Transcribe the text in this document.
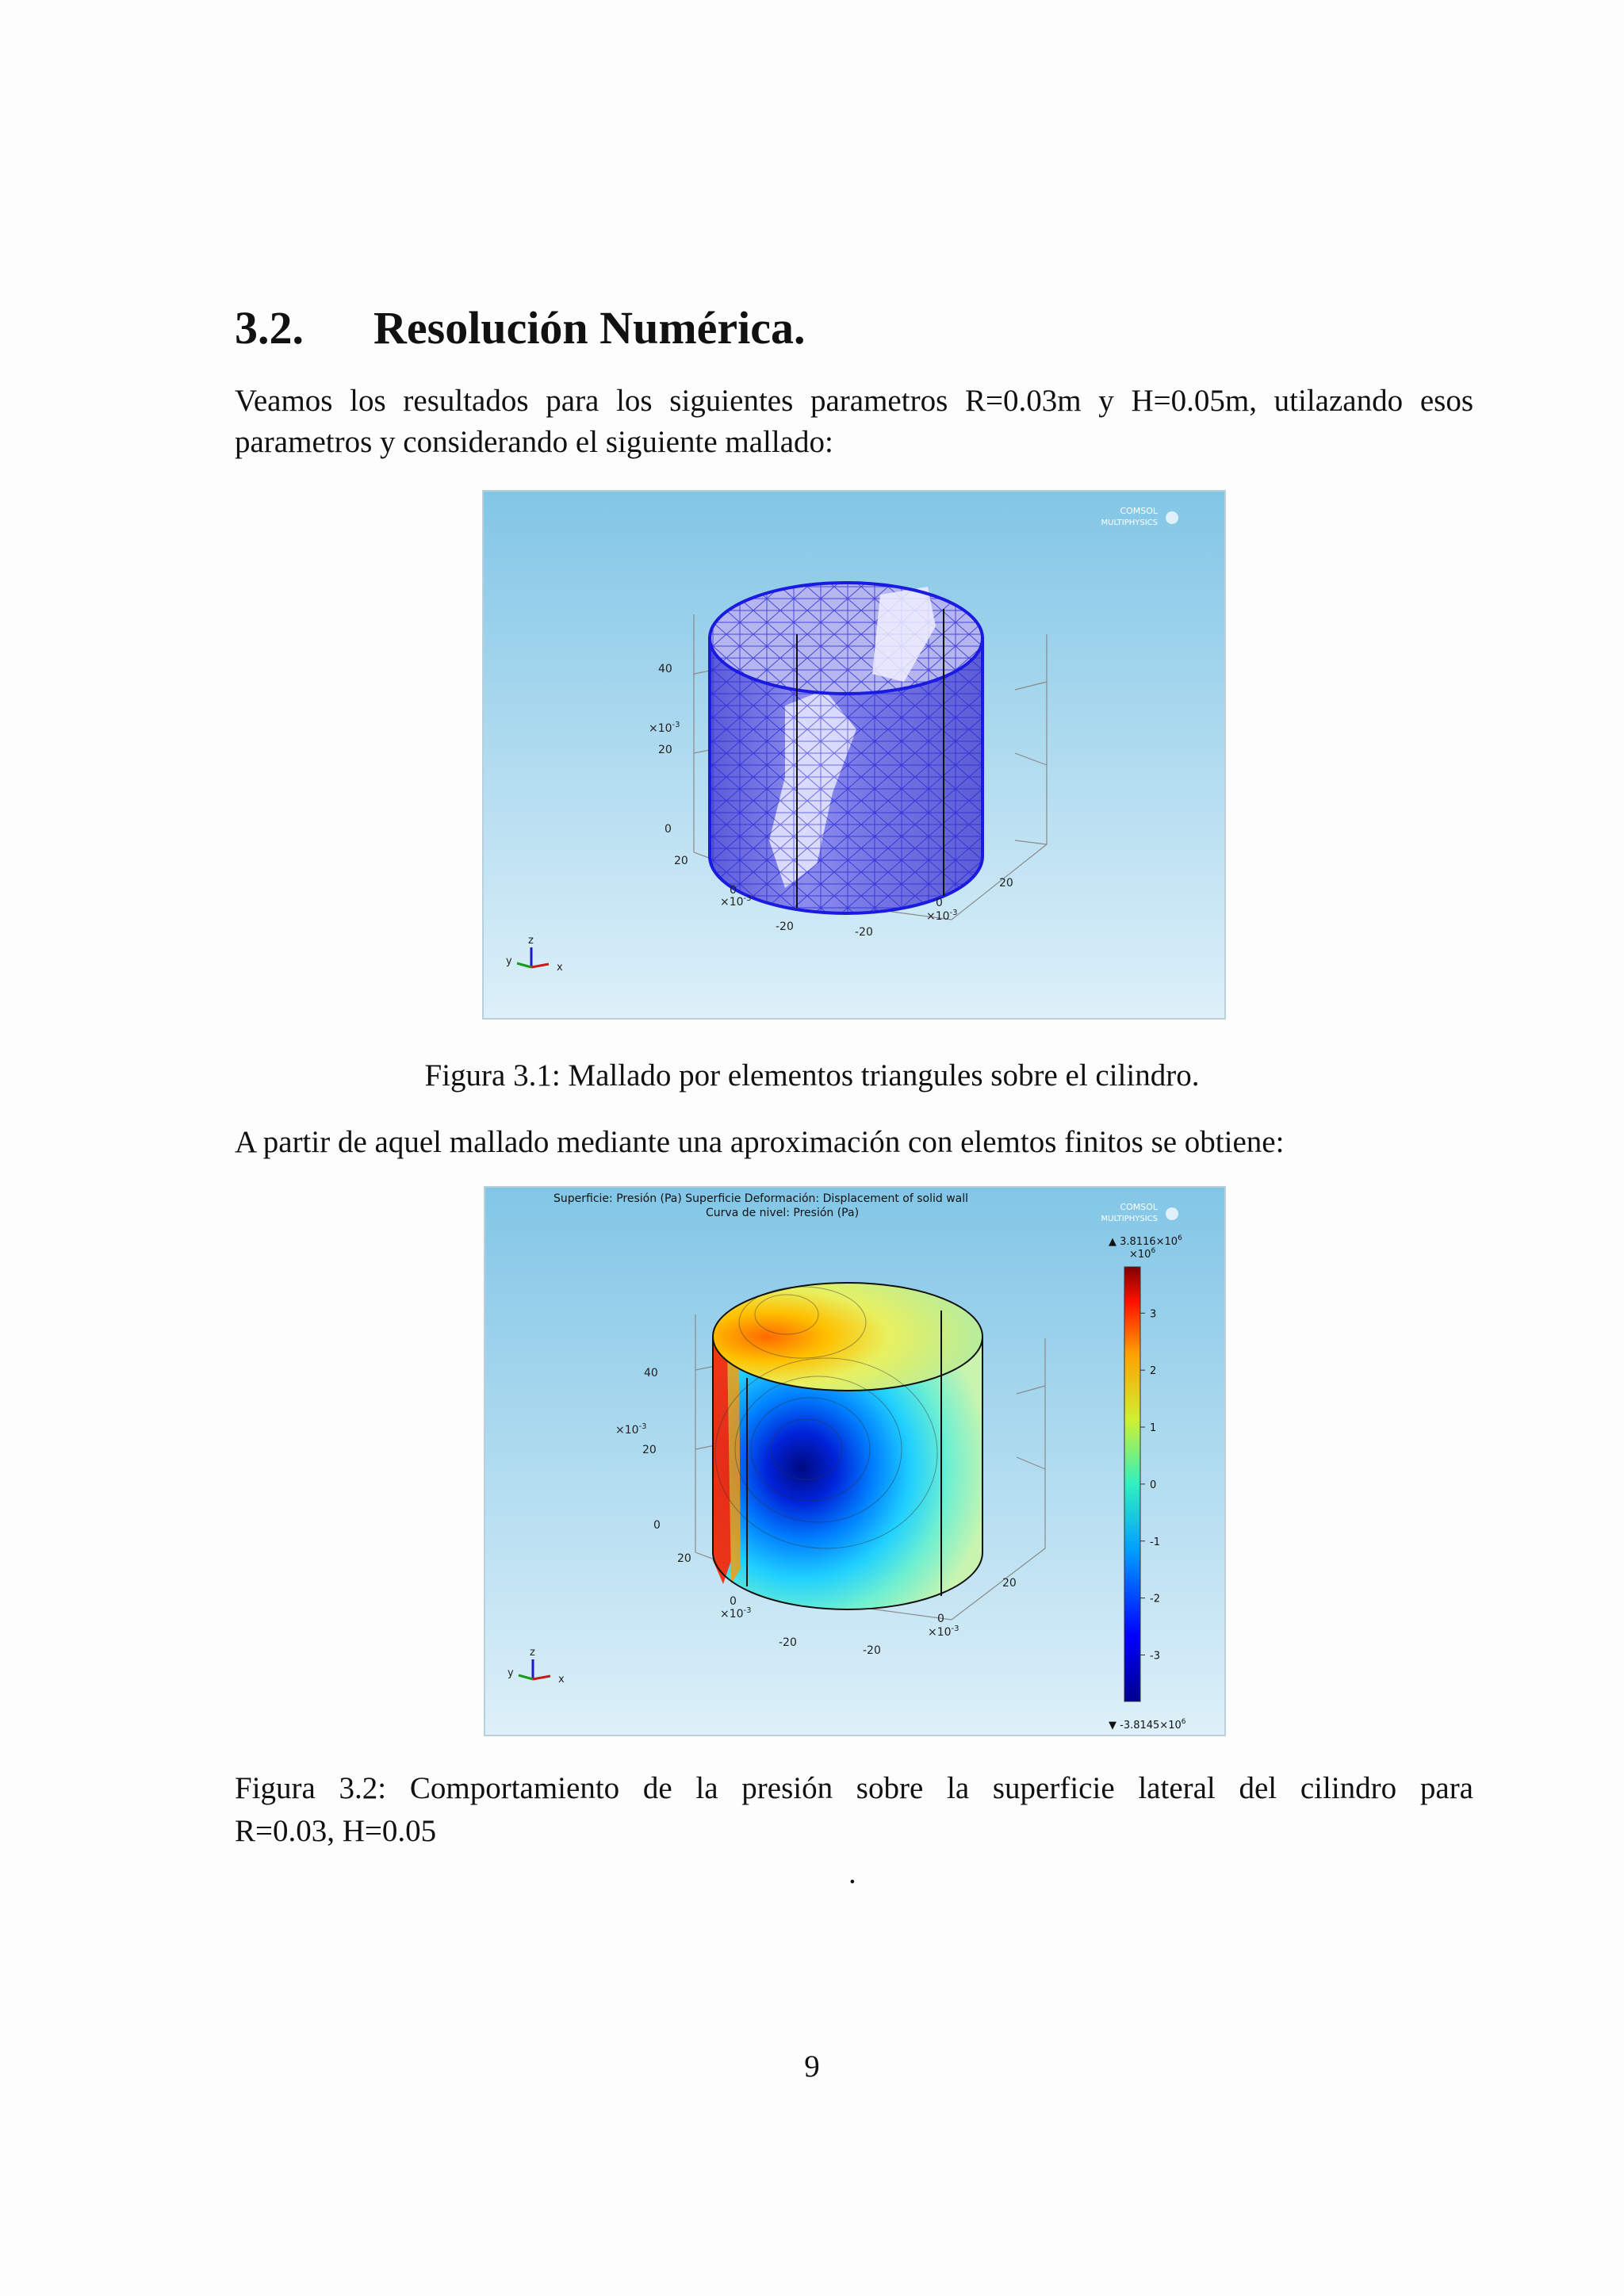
3.2. Resolución Numérica.
Veamos los resultados para los siguientes parametros R=0.03m y H=0.05m, utilazando esos parametros y considerando el siguiente mallado:
COMSOL
MULTIPHYSICS
40
$\times 10^{-3}$
20
0
20
0
$\times 10^{-3}$
-20	-20
0
$\times 10^{-3}$
20
z
y
x
Figura 3.1: Mallado por elementos triangules sobre el cilindro.
A partir de aquel mallado mediante una aproximación con elemtos finitos se obtiene:
Superficie: Presión (Pa) Superficie Deformación: Displacement of solid wall
Curva de nivel: Presión (Pa)	COMSOL
MULTIPHYSICS
40
$\times 10^{-3}$
20
0
20
0
$\times 10^{-3}$
-20
-20
0
$\times 10^{-3}$
20
z
y
x
▲ $3.8116\times 10^6$
$\times 10^6$
3
2
1
0
-1
-2
-3
▼ $-3.8145\times 10^6$
Figura 3.2: Comportamiento de la presión sobre la superficie lateral del cilindro para
R=0.03, H=0.05
.
9
